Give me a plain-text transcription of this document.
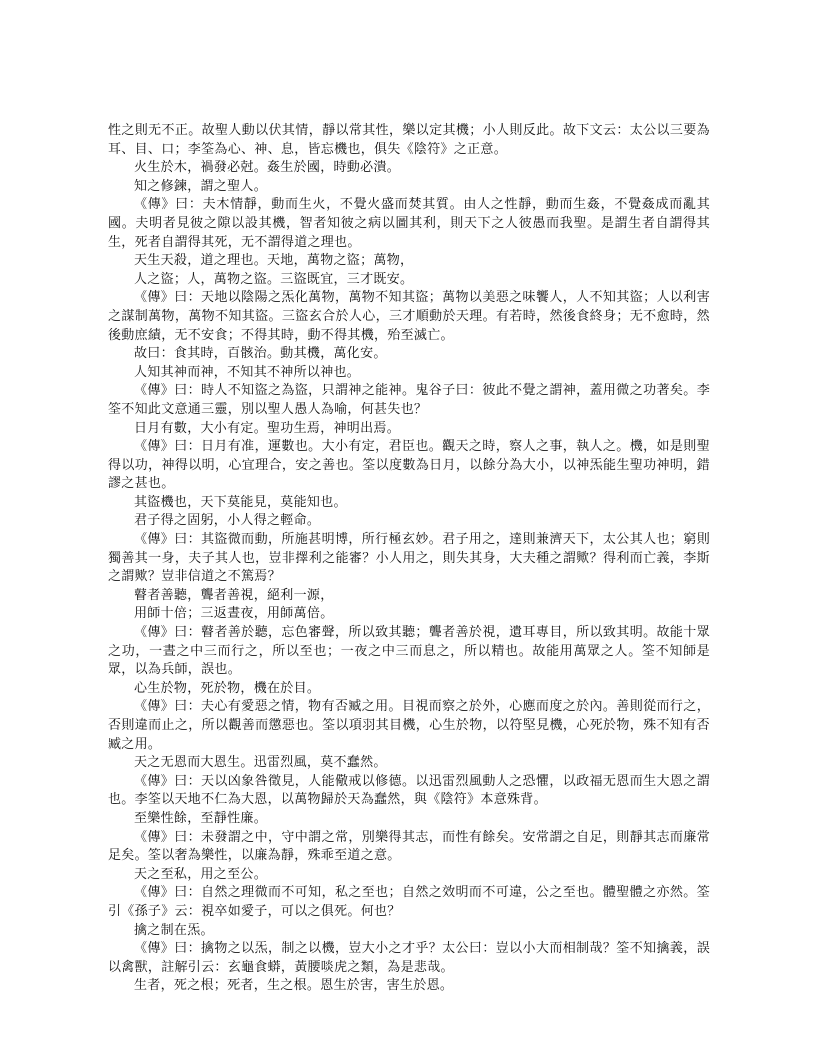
性之則无不正。故聖人動以伏其情，靜以常其性，樂以定其機；小人則反此。故下文云：太公以三要為耳、目、口；李筌為心、神、息，皆忘機也，俱失《陰符》之正意。

火生於木，禍發必尅。姦生於國，時動必潰。

知之修鍊，謂之聖人。

《傳》曰：夫木情靜，動而生火，不覺火盛而焚其質。由人之性靜，動而生姦，不覺姦成而亂其國。夫明者見彼之隙以設其機，智者知彼之病以圖其利，則天下之人彼愚而我聖。是謂生者自謂得其生，死者自謂得其死，无不謂得道之理也。

天生天殺，道之理也。天地，萬物之盜；萬物，

人之盜；人，萬物之盜。三盜既宜，三才既安。

《傳》曰：天地以陰陽之炁化萬物，萬物不知其盜；萬物以美惡之味饗人，人不知其盜；人以利害之謀制萬物，萬物不知其盜。三盜玄合於人心，三才順動於天理。有若時，然後食終身；无不愈時，然後動庶績，无不安食；不得其時，動不得其機，殆至滅亡。

故曰：食其時，百骸治。動其機，萬化安。

人知其神而神，不知其不神所以神也。

《傳》曰：時人不知盜之為盜，只謂神之能神。鬼谷子曰：彼此不覺之謂神，蓋用微之功著矣。李筌不知此文意通三靈，別以聖人愚人為喻，何甚失也？

日月有數，大小有定。聖功生焉，神明出焉。

《傳》曰：日月有准，運數也。大小有定，君臣也。觀天之時，察人之事，執人之。機，如是則聖得以功，神得以明，心宜理合，安之善也。筌以度數為日月，以餘分為大小，以神炁能生聖功神明，錯謬之甚也。

其盜機也，天下莫能見，莫能知也。

君子得之固躬，小人得之輕命。

《傳》曰：其盜微而動，所施甚明博，所行極玄妙。君子用之，達則兼濟天下，太公其人也；窮則獨善其一身，夫子其人也，豈非擇利之能審？小人用之，則失其身，大夫種之謂歟？得利而亡義，李斯之謂歟？豈非信道之不篤焉？

瞽者善聽，聾者善視，絕利一源，

用師十倍；三返晝夜，用師萬倍。

《傳》曰：瞽者善於聽，忘色審聲，所以致其聽；聾者善於視，遺耳專目，所以致其明。故能十眾之功，一晝之中三而行之，所以至也；一夜之中三而息之，所以精也。故能用萬眾之人。筌不知師是眾，以為兵師，誤也。

心生於物，死於物，機在於目。

《傳》曰：夫心有愛惡之情，物有否臧之用。目視而察之於外，心應而度之於內。善則從而行之，否則違而止之，所以觀善而懲惡也。筌以項羽其目機，心生於物，以符堅見機，心死於物，殊不知有否臧之用。

天之无恩而大恩生。迅雷烈風，莫不蠢然。

《傳》曰：天以凶象咎徵見，人能儆戒以修德。以迅雷烈風動人之恐懼，以政福无恩而生大恩之謂也。李筌以天地不仁為大恩，以萬物歸於天為蠢然，與《陰符》本意殊背。

至樂性餘，至靜性廉。

《傳》曰：未發謂之中，守中謂之常，別樂得其志，而性有餘矣。安常謂之自足，則靜其志而廉常足矣。筌以奢為樂性，以廉為靜，殊乖至道之意。

天之至私，用之至公。

《傳》曰：自然之理微而不可知，私之至也；自然之效明而不可違，公之至也。體聖體之亦然。筌引《孫子》云：視卒如愛子，可以之俱死。何也？

擒之制在炁。

《傳》曰：擒物之以炁，制之以機，豈大小之才乎？太公曰：豈以小大而相制哉？筌不知擒義，誤以禽獸，註解引云：玄龜食蟒，黃腰啖虎之類，為是悲哉。

生者，死之根；死者，生之根。恩生於害，害生於恩。
